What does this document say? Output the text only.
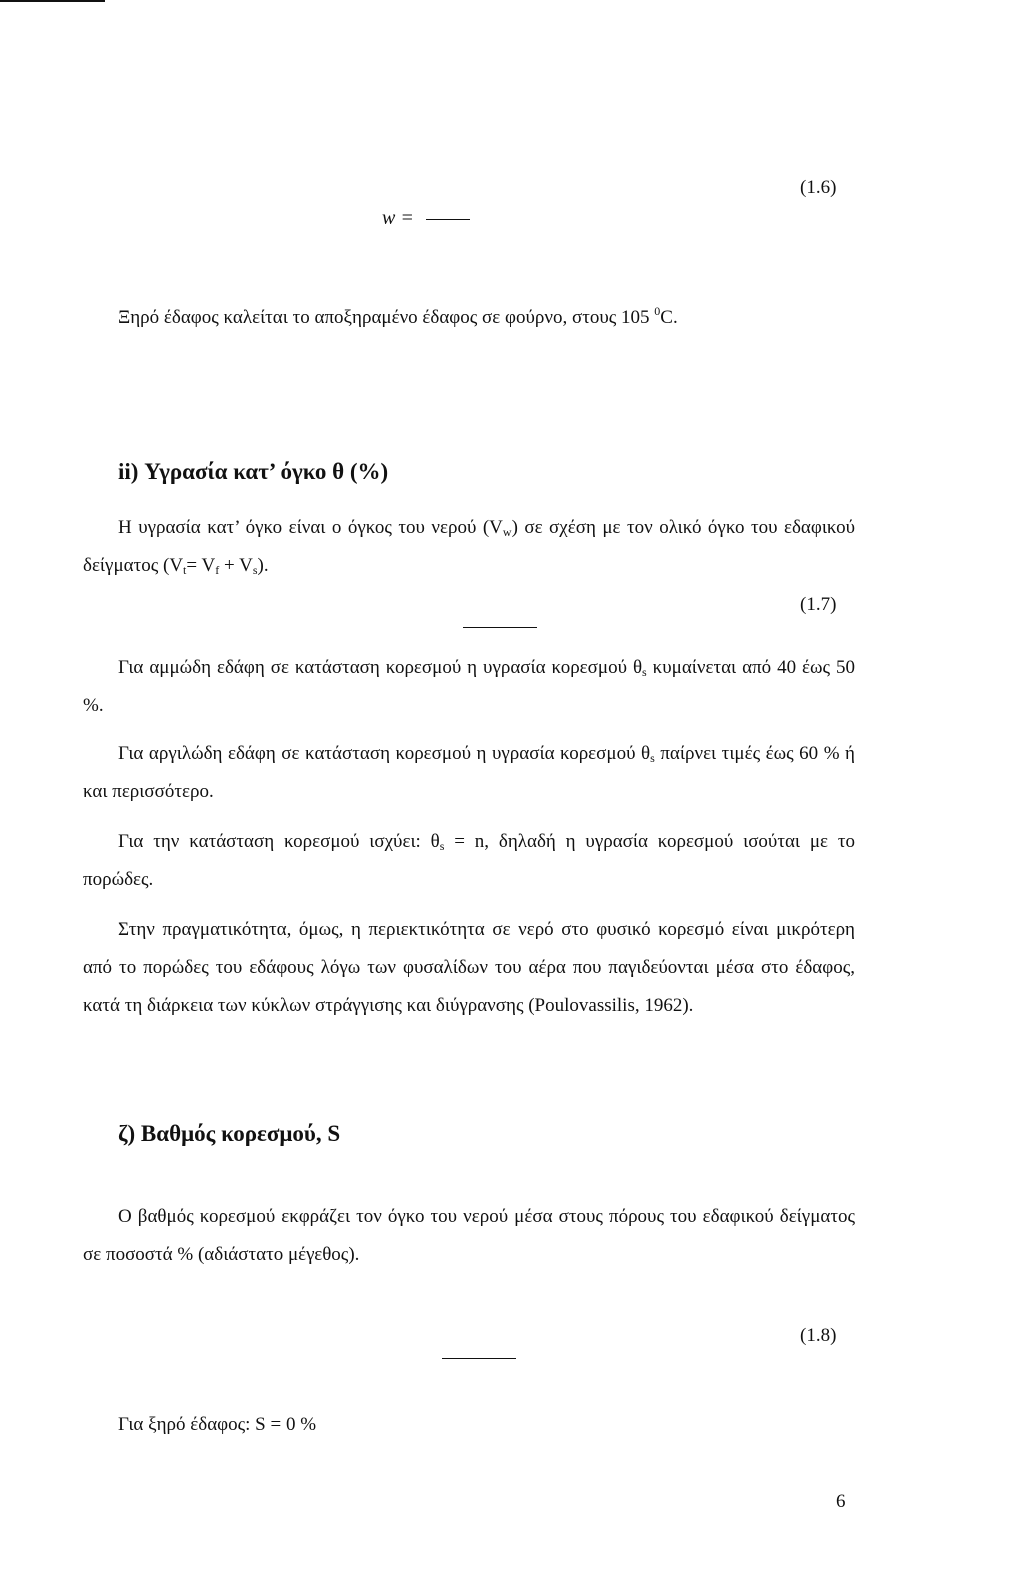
w =
(1.6)
Ξηρό έδαφος καλείται το αποξηραμένο έδαφος σε φούρνο, στους 105 $^0$C.
ii) Υγρασία κατ’ όγκο θ (%)
Η υγρασία κατ’ όγκο είναι ο όγκος του νερού $(V_w)$ σε σχέση με τον ολικό όγκο του εδαφικού δείγματος $(V_t= V_f + V_s)$.
(1.7)
Για αμμώδη εδάφη σε κατάσταση κορεσμού η υγρασία κορεσμού $\theta_s$ κυμαίνεται από 40 έως 50 %.
Για αργιλώδη εδάφη σε κατάσταση κορεσμού η υγρασία κορεσμού $\theta_s$ παίρνει τιμές έως 60 % ή και περισσότερο.
Για την κατάσταση κορεσμού ισχύει: $\theta_s = n$, δηλαδή η υγρασία κορεσμού ισούται με το πορώδες.
Στην πραγματικότητα, όμως, η περιεκτικότητα σε νερό στο φυσικό κορεσμό είναι μικρότερη από το πορώδες του εδάφους λόγω των φυσαλίδων του αέρα που παγιδεύονται μέσα στο έδαφος, κατά τη διάρκεια των κύκλων στράγγισης και διύγρανσης (Poulovassilis, 1962).
ζ) Βαθμός κορεσμού, S
Ο βαθμός κορεσμού εκφράζει τον όγκο του νερού μέσα στους πόρους του εδαφικού δείγματος σε ποσοστά % (αδιάστατο μέγεθος).
(1.8)
Για ξηρό έδαφος: S = 0 %
6
